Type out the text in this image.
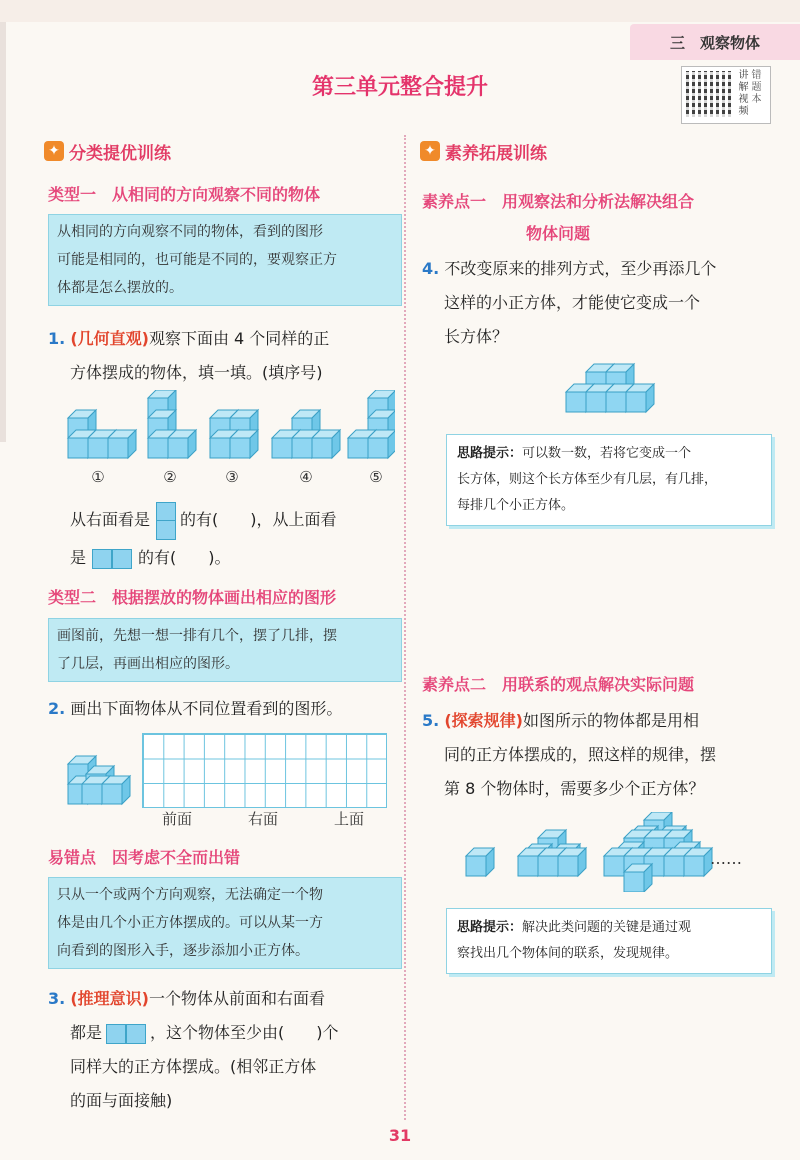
三　观察物体
第三单元整合提升	讲解视频
错题本
✦ 分类提优训练
类型一　从相同的方向观察不同的物体
从相同的方向观察不同的物体，看到的图形
可能是相同的，也可能是不同的，要观察正方
体都是怎么摆放的。
1. (几何直观)观察下面由 4 个同样的正
方体摆成的物体，填一填。(填序号)
①	②	③	④	⑤
从右面看是 的有(　　)，从上面看
是	的有(　　)。
类型二　根据摆放的物体画出相应的图形
画图前，先想一想一排有几个，摆了几排，摆
了几层，再画出相应的图形。
2. 画出下面物体从不同位置看到的图形。
前面	右面	上面
易错点　因考虑不全而出错
只从一个或两个方向观察，无法确定一个物
体是由几个小正方体摆成的。可以从某一方
向看到的图形入手，逐步添加小正方体。
3. (推理意识)一个物体从前面和右面看
都是	，这个物体至少由(　　)个
同样大的正方体摆成。(相邻正方体
的面与面接触)
✦ 素养拓展训练
素养点一　用观察法和分析法解决组合
物体问题
4. 不改变原来的排列方式，至少再添几个
这样的小正方体，才能使它变成一个
长方体？
思路提示：可以数一数，若将它变成一个
长方体，则这个长方体至少有几层，有几排，
每排几个小正方体。
素养点二　用联系的观点解决实际问题
5. (探索规律)如图所示的物体都是用相
同的正方体摆成的，照这样的规律，摆
第 8 个物体时，需要多少个正方体？
……
思路提示：解决此类问题的关键是通过观
察找出几个物体间的联系，发现规律。
31
